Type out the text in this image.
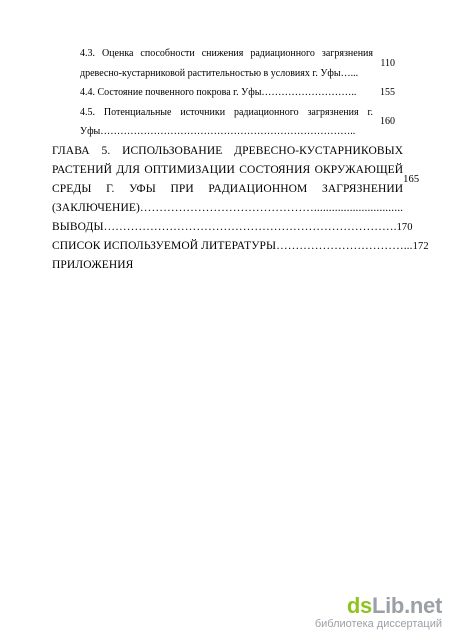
4.3. Оценка способности снижения радиационного загрязнения
древесно-кустарниковой растительностью в условиях г. Уфы…...
110
4.4. Состояние почвенного покрова г. Уфы………………………..	155
4.5. Потенциальные источники радиационного загрязнения г.
Уфы…………………………………………………………………..
160
ГЛАВА 5. ИСПОЛЬЗОВАНИЕ ДРЕВЕСНО-КУСТАРНИКОВЫХ
РАСТЕНИЙ ДЛЯ ОПТИМИЗАЦИИ СОСТОЯНИЯ ОКРУЖАЮЩЕЙ
СРЕДЫ Г. УФЫ ПРИ РАДИАЦИОННОМ ЗАГРЯЗНЕНИИ
(ЗАКЛЮЧЕНИЕ)………………………………………..............................
165
ВЫВОДЫ…………………………………………………………………. 170
СПИСОК ИСПОЛЬЗУЕМОЙ ЛИТЕРАТУРЫ……………………………... 172
ПРИЛОЖЕНИЯ
dsLib.net
библиотека диссертаций
